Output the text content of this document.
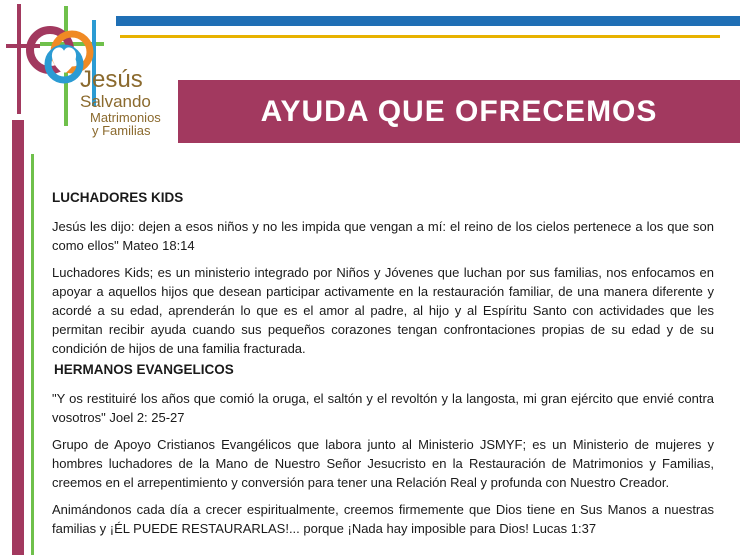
AYUDA QUE OFRECEMOS
Jesús
Salvando
Matrimonios
y Familias
LUCHADORES KIDS
Jesús les dijo: dejen a esos niños y no les impida que vengan a mí: el reino de los cielos pertenece a los que son como ellos" Mateo 18:14
Luchadores Kids; es un ministerio integrado por Niños y Jóvenes que luchan por sus familias, nos enfocamos en apoyar a aquellos hijos que desean participar activamente en la restauración familiar, de una manera diferente y acordé a su edad, aprenderán lo que es el amor al padre, al hijo y al Espíritu Santo con actividades que les permitan recibir ayuda cuando sus pequeños corazones tengan confrontaciones propias de su edad y de su condición de hijos de una familia fracturada.
HERMANOS EVANGELICOS
"Y os restituiré los años que comió la oruga, el saltón y el revoltón y la langosta, mi gran ejército que envié contra vosotros" Joel 2: 25-27
Grupo de Apoyo Cristianos Evangélicos que labora junto al Ministerio JSMYF; es un Ministerio de mujeres y hombres luchadores de la Mano de Nuestro Señor Jesucristo en la Restauración de Matrimonios y Familias, creemos en el arrepentimiento y conversión para tener una Relación Real y profunda con Nuestro Creador.
Animándonos cada día a crecer espiritualmente, creemos firmemente que Dios tiene en Sus Manos a nuestras familias y ¡ÉL PUEDE RESTAURARLAS!... porque ¡Nada hay imposible para Dios! Lucas 1:37
